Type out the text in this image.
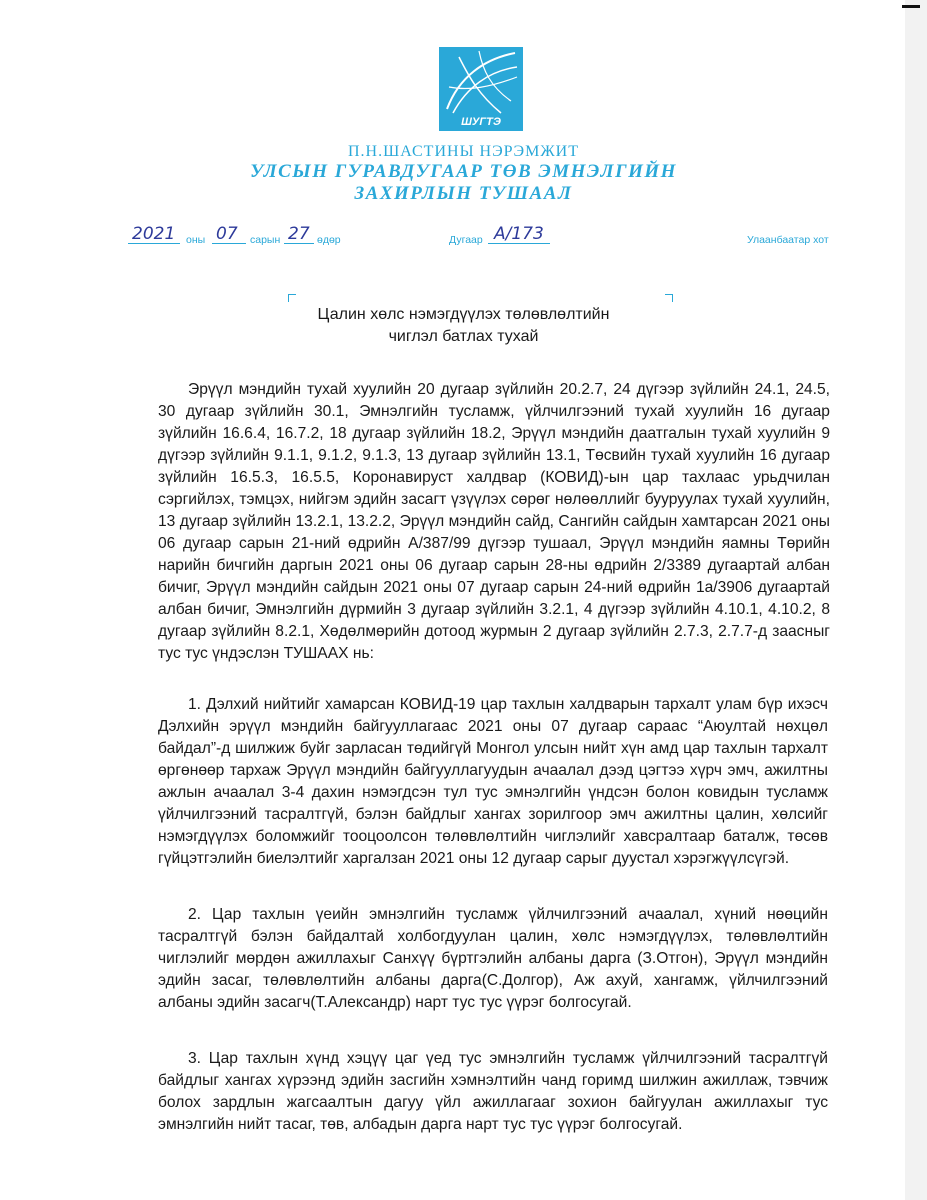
ШУГТЭ
П.Н.ШАСТИНЫ НЭРЭМЖИТ
УЛСЫН ГУРАВДУГААР ТӨВ ЭМНЭЛГИЙН
ЗАХИРЛЫН ТУШААЛ
2021 оны 07 сарын 27 өдөр	Дугаар А/173	Улаанбаатар хот
Цалин хөлс нэмэгдүүлэх төлөвлөлтийн
чиглэл батлах тухай

Эрүүл мэндийн тухай хуулийн 20 дугаар зүйлийн 20.2.7, 24 дүгээр зүйлийн 24.1, 24.5, 30 дугаар зүйлийн 30.1, Эмнэлгийн тусламж, үйлчилгээний тухай хуулийн 16 дугаар зүйлийн 16.6.4, 16.7.2, 18 дугаар зүйлийн 18.2, Эрүүл мэндийн даатгалын тухай хуулийн 9 дүгээр зүйлийн 9.1.1, 9.1.2, 9.1.3, 13 дугаар зүйлийн 13.1, Төсвийн тухай хуулийн 16 дугаар зүйлийн 16.5.3, 16.5.5, Коронавируст халдвар (КОВИД)-ын цар тахлаас урьдчилан сэргийлэх, тэмцэх, нийгэм эдийн засагт үзүүлэх сөрөг нөлөөллийг бууруулах тухай хуулийн, 13 дугаар зүйлийн 13.2.1, 13.2.2, Эрүүл мэндийн сайд, Сангийн сайдын хамтарсан 2021 оны 06 дугаар сарын 21-ний өдрийн А/387/99 дүгээр тушаал, Эрүүл мэндийн яамны Төрийн нарийн бичгийн даргын 2021 оны 06 дугаар сарын 28-ны өдрийн 2/3389 дугаартай албан бичиг, Эрүүл мэндийн сайдын 2021 оны 07 дугаар сарын 24-ний өдрийн 1а/3906 дугаартай албан бичиг, Эмнэлгийн дүрмийн 3 дугаар зүйлийн 3.2.1, 4 дүгээр зүйлийн 4.10.1, 4.10.2, 8 дугаар зүйлийн 8.2.1, Хөдөлмөрийн дотоод журмын 2 дугаар зүйлийн 2.7.3, 2.7.7-д заасныг тус тус үндэслэн ТУШААХ нь:

1. Дэлхий нийтийг хамарсан КОВИД-19 цар тахлын халдварын тархалт улам бүр ихэсч Дэлхийн эрүүл мэндийн байгууллагаас 2021 оны 07 дугаар сараас “Аюултай нөхцөл байдал”-д шилжиж буйг зарласан төдийгүй Монгол улсын нийт хүн амд цар тахлын тархалт өргөнөөр тархаж Эрүүл мэндийн байгууллагуудын ачаалал дээд цэгтээ хүрч эмч, ажилтны ажлын ачаалал 3-4 дахин нэмэгдсэн тул тус эмнэлгийн үндсэн болон ковидын тусламж үйлчилгээний тасралтгүй, бэлэн байдлыг хангах зорилгоор эмч ажилтны цалин, хөлсийг нэмэгдүүлэх боломжийг тооцоолсон төлөвлөлтийн чиглэлийг хавсралтаар баталж, төсөв гүйцэтгэлийн биелэлтийг харгалзан 2021 оны 12 дугаар сарыг дуустал хэрэгжүүлсүгэй.

2. Цар тахлын үеийн эмнэлгийн тусламж үйлчилгээний ачаалал, хүний нөөцийн тасралтгүй бэлэн байдалтай холбогдуулан цалин, хөлс нэмэгдүүлэх, төлөвлөлтийн чиглэлийг мөрдөн ажиллахыг Санхүү бүртгэлийн албаны дарга (З.Отгон), Эрүүл мэндийн эдийн засаг, төлөвлөлтийн албаны дарга(С.Долгор), Аж ахуй, хангамж, үйлчилгээний албаны эдийн засагч(Т.Александр) нарт тус тус үүрэг болгосугай.

3. Цар тахлын хүнд хэцүү цаг үед тус эмнэлгийн тусламж үйлчилгээний тасралтгүй байдлыг хангах хүрээнд эдийн засгийн хэмнэлтийн чанд горимд шилжин ажиллаж, тэвчиж болох зардлын жагсаалтын дагуу үйл ажиллагааг зохион байгуулан ажиллахыг тус эмнэлгийн нийт тасаг, төв, албадын дарга нарт тус тус үүрэг болгосугай.
